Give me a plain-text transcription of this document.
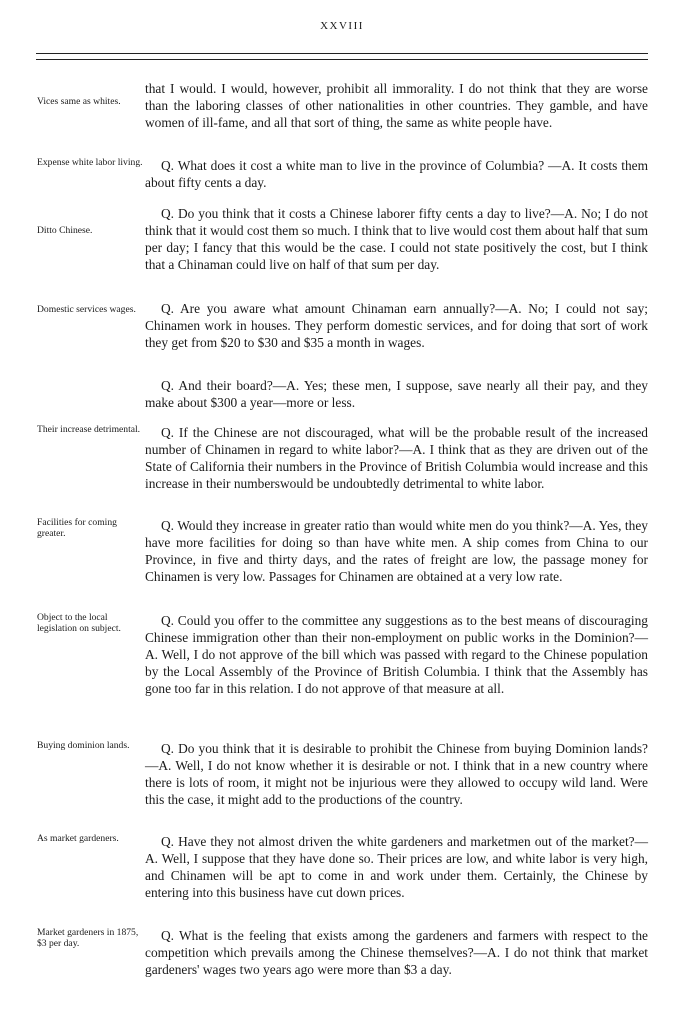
XXVIII
Vices same as whites.
that I would. I would, however, prohibit all immorality. I do not think that they are worse than the laboring classes of other nationalities in other countries. They gamble, and have women of ill-fame, and all that sort of thing, the same as white people have.
Expense white labor living.	Q. What does it cost a white man to live in the province of Columbia? —A. It costs them about fifty cents a day.
Ditto Chinese.
Q. Do you think that it costs a Chinese laborer fifty cents a day to live?—A. No; I do not think that it would cost them so much. I think that to live would cost them about half that sum per day; I fancy that this would be the case. I could not state positively the cost, but I think that a Chinaman could live on half of that sum per day.
Domestic services wages.	Q. Are you aware what amount Chinaman earn annually?—A. No; I could not say; Chinamen work in houses. They perform domestic services, and for doing that sort of work they get from $20 to $30 and $35 a month in wages.
Q. And their board?—A. Yes; these men, I suppose, save nearly all their pay, and they make about $300 a year—more or less.
Their increase detrimental.	Q. If the Chinese are not discouraged, what will be the probable result of the increased number of Chinamen in regard to white labor?—A. I think that as they are driven out of the State of California their numbers in the Province of British Columbia would increase and this increase in their numberswould be undoubtedly detrimental to white labor.
Facilities for coming greater.	Q. Would they increase in greater ratio than would white men do you think?—A. Yes, they have more facilities for doing so than have white men. A ship comes from China to our Province, in five and thirty days, and the rates of freight are low, the passage money for Chinamen is very low. Passages for Chinamen are obtained at a very low rate.
Object to the local legislation on subject.	Q. Could you offer to the committee any suggestions as to the best means of discouraging Chinese immigration other than their non-employment on public works in the Dominion?—A. Well, I do not approve of the bill which was passed with regard to the Chinese population by the Local Assembly of the Province of British Columbia. I think that the Assembly has gone too far in this relation. I do not approve of that measure at all.
Buying dominion lands.	Q. Do you think that it is desirable to prohibit the Chinese from buying Dominion lands?—A. Well, I do not know whether it is desirable or not. I think that in a new country where there is lots of room, it might not be injurious were they allowed to occupy wild land. Were this the case, it might add to the productions of the country.
As market gardeners.	Q. Have they not almost driven the white gardeners and marketmen out of the market?—A. Well, I suppose that they have done so. Their prices are low, and white labor is very high, and Chinamen will be apt to come in and work under them. Certainly, the Chinese by entering into this business have cut down prices.
Market gardeners in 1875, $3 per day.	Q. What is the feeling that exists among the gardeners and farmers with respect to the competition which prevails among the Chinese themselves?—A. I do not think that market gardeners' wages two years ago were more than $3 a day.
